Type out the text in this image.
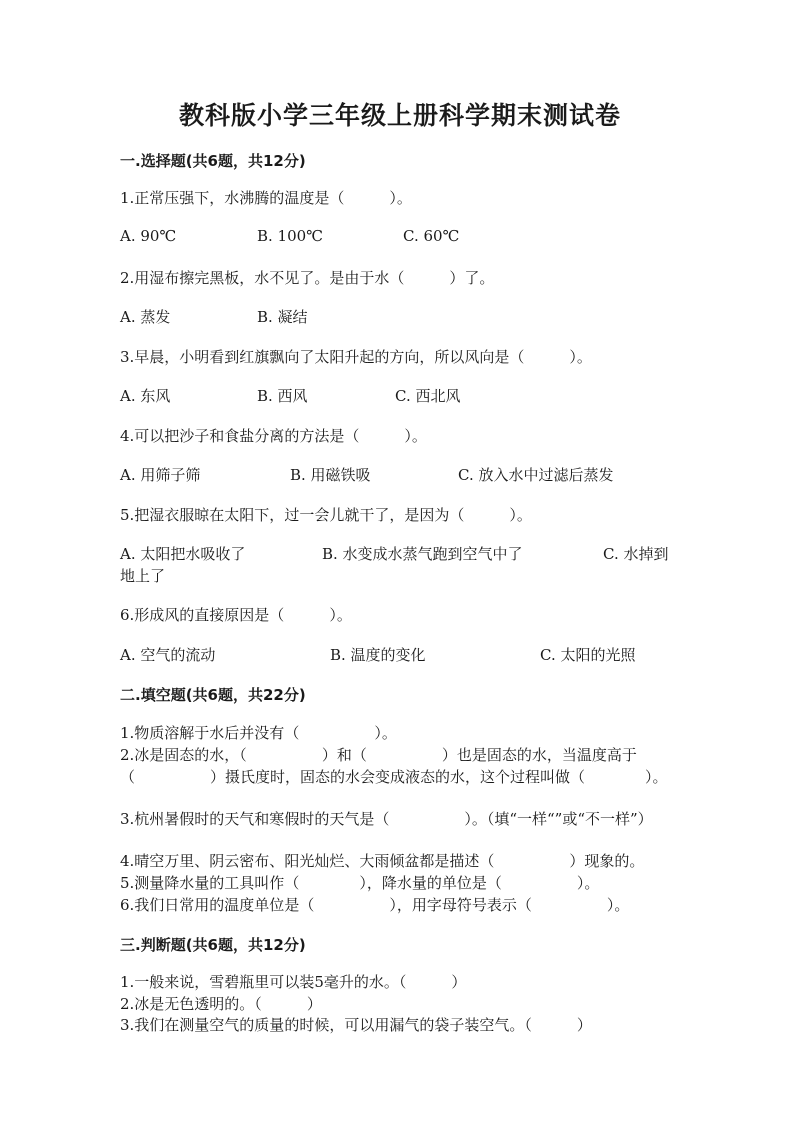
教科版小学三年级上册科学期末测试卷
一.选择题(共6题，共12分)
1.正常压强下，水沸腾的温度是（　　　）。
A. 90℃	B. 100℃	C. 60℃
2.用湿布擦完黑板，水不见了。是由于水（　　　）了。
A. 蒸发	B. 凝结
3.早晨，小明看到红旗飘向了太阳升起的方向，所以风向是（　　　）。
A. 东风	B. 西风	C. 西北风
4.可以把沙子和食盐分离的方法是（　　　）。
A. 用筛子筛	B. 用磁铁吸	C. 放入水中过滤后蒸发
5.把湿衣服晾在太阳下，过一会儿就干了，是因为（　　　）。
A. 太阳把水吸收了	B. 水变成水蒸气跑到空气中了	C. 水掉到
地上了
6.形成风的直接原因是（　　　）。
A. 空气的流动	B. 温度的变化	C. 太阳的光照
二.填空题(共6题，共22分)
1.物质溶解于水后并没有（　　　　　）。
2.冰是固态的水，（　　　　　）和（　　　　　）也是固态的水，当温度高于（　　　　　）摄氏度时，固态的水会变成液态的水，这个过程叫做（　　　　）。
3.杭州暑假时的天气和寒假时的天气是（　　　　　）。（填“一样“”或“不一样”）
4.晴空万里、阴云密布、阳光灿烂、大雨倾盆都是描述（　　　　　）现象的。
5.测量降水量的工具叫作（　　　　），降水量的单位是（　　　　　）。
6.我们日常用的温度单位是（　　　　　），用字母符号表示（　　　　　）。
三.判断题(共6题，共12分)
1.一般来说，雪碧瓶里可以装5毫升的水。（　　　）
2.冰是无色透明的。（　　　）
3.我们在测量空气的质量的时候，可以用漏气的袋子装空气。（　　　）
